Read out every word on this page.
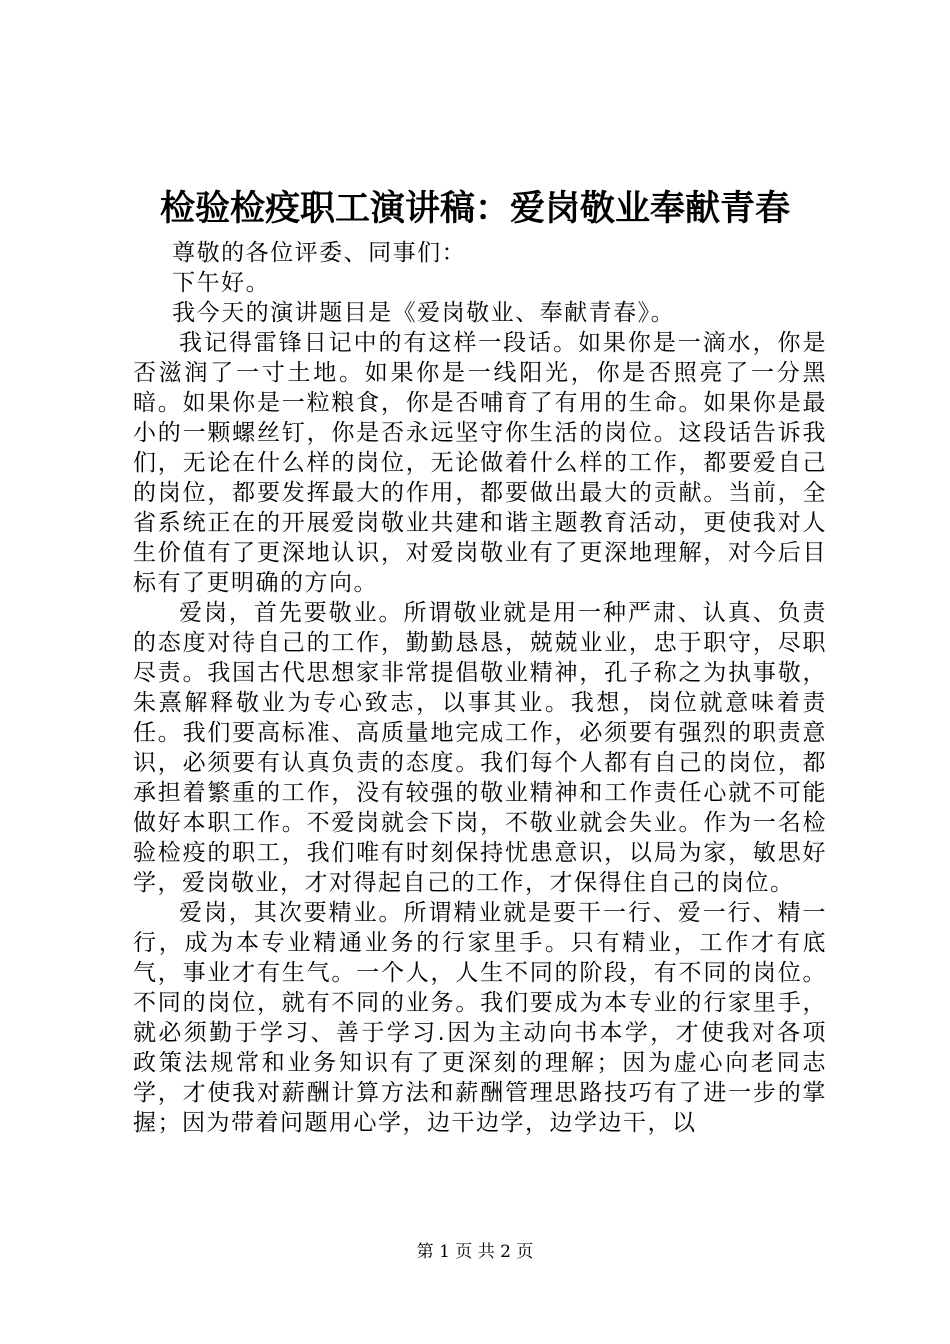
检验检疫职工演讲稿：爱岗敬业奉献青春

尊敬的各位评委、同事们：

下午好。

我今天的演讲题目是《爱岗敬业、奉献青春》。

我记得雷锋日记中的有这样一段话。如果你是一滴水，你是否滋润了一寸土地。如果你是一线阳光，你是否照亮了一分黑暗。如果你是一粒粮食，你是否哺育了有用的生命。如果你是最小的一颗螺丝钉，你是否永远坚守你生活的岗位。这段话告诉我们，无论在什么样的岗位，无论做着什么样的工作，都要爱自己的岗位，都要发挥最大的作用，都要做出最大的贡献。当前，全省系统正在的开展爱岗敬业共建和谐主题教育活动，更使我对人生价值有了更深地认识，对爱岗敬业有了更深地理解，对今后目标有了更明确的方向。

爱岗，首先要敬业。所谓敬业就是用一种严肃、认真、负责的态度对待自己的工作，勤勤恳恳，兢兢业业，忠于职守，尽职尽责。我国古代思想家非常提倡敬业精神，孔子称之为执事敬，朱熹解释敬业为专心致志，以事其业。我想，岗位就意味着责任。我们要高标准、高质量地完成工作，必须要有强烈的职责意识，必须要有认真负责的态度。我们每个人都有自己的岗位，都承担着繁重的工作，没有较强的敬业精神和工作责任心就不可能做好本职工作。不爱岗就会下岗，不敬业就会失业。作为一名检验检疫的职工，我们唯有时刻保持忧患意识，以局为家，敏思好学，爱岗敬业，才对得起自己的工作，才保得住自己的岗位。

爱岗，其次要精业。所谓精业就是要干一行、爱一行、精一行，成为本专业精通业务的行家里手。只有精业，工作才有底气，事业才有生气。一个人，人生不同的阶段，有不同的岗位。不同的岗位，就有不同的业务。我们要成为本专业的行家里手，就必须勤于学习、善于学习.因为主动向书本学，才使我对各项政策法规常和业务知识有了更深刻的理解；因为虚心向老同志学，才使我对薪酬计算方法和薪酬管理思路技巧有了进一步的掌握；因为带着问题用心学，边干边学，边学边干，以

第 1 页 共 2 页
